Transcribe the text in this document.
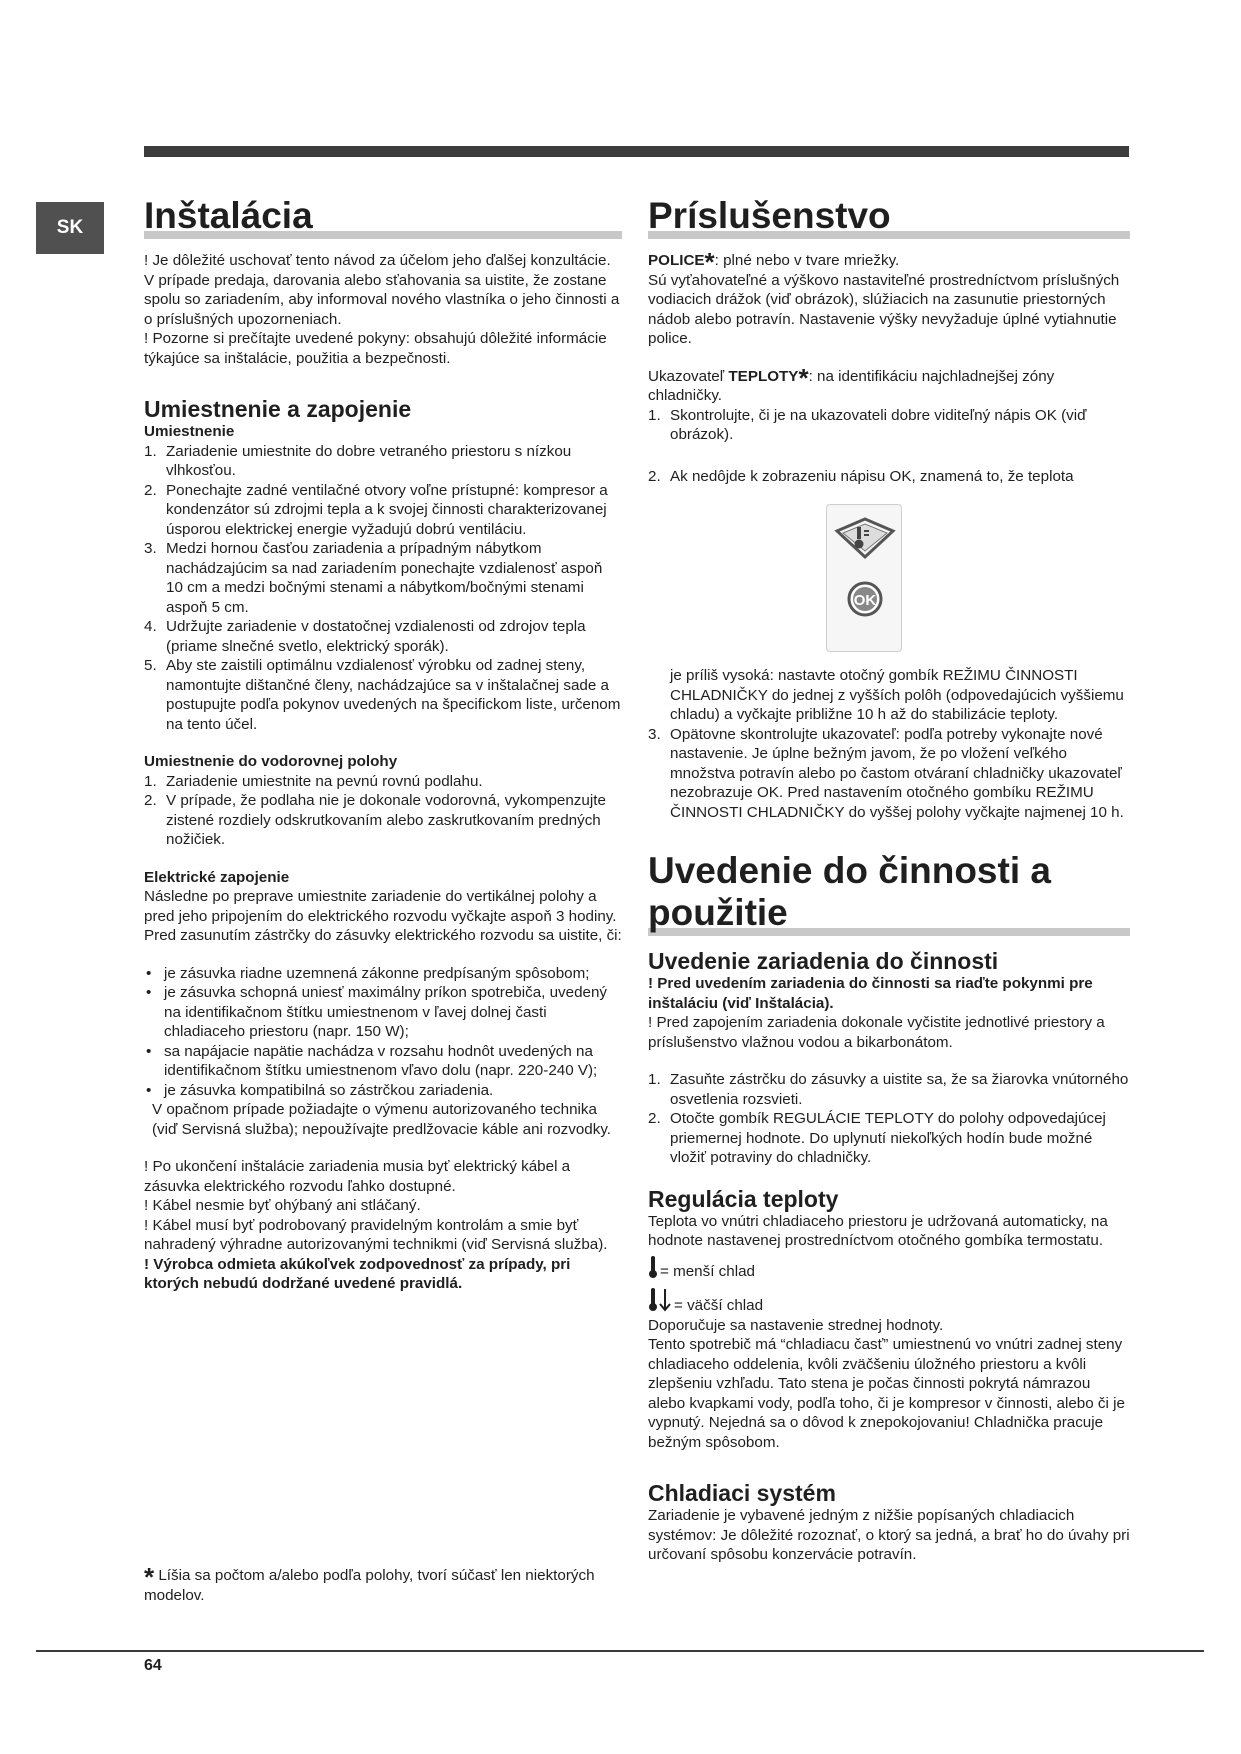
SK	Inštalácia

! Je dôležité uschovať tento návod za účelom jeho ďalšej konzultácie. V prípade predaja, darovania alebo sťahovania sa uistite, že zostane spolu so zariadením, aby informoval nového vlastníka o jeho činnosti a o príslušných upozorneniach.

! Pozorne si prečítajte uvedené pokyny: obsahujú dôležité informácie týkajúce sa inštalácie, použitia a bezpečnosti.

Umiestnenie a zapojenie
Umiestnenie
1. Zariadenie umiestnite do dobre vetraného priestoru s nízkou vlhkosťou.
2. Ponechajte zadné ventilačné otvory voľne prístupné: kompresor a kondenzátor sú zdrojmi tepla a k svojej činnosti charakterizovanej úsporou elektrickej energie vyžadujú dobrú ventiláciu.
3. Medzi hornou časťou zariadenia a prípadným nábytkom nachádzajúcim sa nad zariadením ponechajte vzdialenosť aspoň 10 cm a medzi bočnými stenami a nábytkom/bočnými stenami aspoň 5 cm.
4. Udržujte zariadenie v dostatočnej vzdialenosti od zdrojov tepla (priame slnečné svetlo, elektrický sporák).
5. Aby ste zaistili optimálnu vzdialenosť výrobku od zadnej steny, namontujte dištančné členy, nachádzajúce sa v inštalačnej sade a postupujte podľa pokynov uvedených na špecifickom liste, určenom na tento účel.
Umiestnenie do vodorovnej polohy
1. Zariadenie umiestnite na pevnú rovnú podlahu.
2. V prípade, že podlaha nie je dokonale vodorovná, vykompenzujte zistené rozdiely odskrutkovaním alebo zaskrutkovaním predných nožičiek.
Elektrické zapojenie

Následne po preprave umiestnite zariadenie do vertikálnej polohy a pred jeho pripojením do elektrického rozvodu vyčkajte aspoň 3 hodiny. Pred zasunutím zástrčky do zásuvky elektrického rozvodu sa uistite, či:

• je zásuvka riadne uzemnená zákonne predpísaným spôsobom;
• je zásuvka schopná uniesť maximálny príkon spotrebiča, uvedený na identifikačnom štítku umiestnenom v ľavej dolnej časti chladiaceho priestoru (napr. 150 W);
• sa napájacie napätie nachádza v rozsahu hodnôt uvedených na identifikačnom štítku umiestnenom vľavo dolu (napr. 220-240 V);
• je zásuvka kompatibilná so zástrčkou zariadenia.

V opačnom prípade požiadajte o výmenu autorizovaného technika (viď Servisná služba); nepoužívajte predlžovacie káble ani rozvodky.

! Po ukončení inštalácie zariadenia musia byť elektrický kábel a zásuvka elektrického rozvodu ľahko dostupné.

! Kábel nesmie byť ohýbaný ani stláčaný.

! Kábel musí byť podrobovaný pravidelným kontrolám a smie byť nahradený výhradne autorizovanými technikmi (viď Servisná služba).

! Výrobca odmieta akúkoľvek zodpovednosť za prípady, pri ktorých nebudú dodržané uvedené pravidlá.

Príslušenstvo

POLICE*: plné nebo v tvare mriežky.

Sú vyťahovateľné a výškovo nastaviteľné prostredníctvom príslušných vodiacich drážok (viď obrázok), slúžiacich na zasunutie priestorných nádob alebo potravín. Nastavenie výšky nevyžaduje úplné vytiahnutie police.

Ukazovateľ TEPLOTY*: na identifikáciu najchladnejšej zóny chladničky.

1. Skontrolujte, či je na ukazovateli dobre viditeľný nápis OK (viď obrázok).
2. Ak nedôjde k zobrazeniu nápisu OK, znamená to, že teplota
OK

je príliš vysoká: nastavte otočný gombík REŽIMU ČINNOSTI CHLADNIČKY do jednej z vyšších polôh (odpovedajúcich vyššiemu chladu) a vyčkajte približne 10 h až do stabilizácie teploty.

3. Opätovne skontrolujte ukazovateľ: podľa potreby vykonajte nové nastavenie. Je úplne bežným javom, že po vložení veľkého množstva potravín alebo po častom otváraní chladničky ukazovateľ nezobrazuje OK. Pred nastavením otočného gombíku REŽIMU ČINNOSTI CHLADNIČKY do vyššej polohy vyčkajte najmenej 10 h.
Uvedenie do činnosti a použitie
Uvedenie zariadenia do činnosti

! Pred uvedením zariadenia do činnosti sa riaďte pokynmi pre inštaláciu (viď Inštalácia).

! Pred zapojením zariadenia dokonale vyčistite jednotlivé priestory a príslušenstvo vlažnou vodou a bikarbonátom.

1. Zasuňte zástrčku do zásuvky a uistite sa, že sa žiarovka vnútorného osvetlenia rozsvieti.
2. Otočte gombík REGULÁCIE TEPLOTY do polohy odpovedajúcej priemernej hodnote. Do uplynutí niekoľkých hodín bude možné vložiť potraviny do chladničky.
Regulácia teploty

Teplota vo vnútri chladiaceho priestoru je udržovaná automaticky, na hodnote nastavenej prostredníctvom otočného gombíka termostatu.

= menší chlad

= väčší chlad

Doporučuje sa nastavenie strednej hodnoty.

Tento spotrebič má “chladiacu časť” umiestnenú vo vnútri zadnej steny chladiaceho oddelenia, kvôli zväčšeniu úložného priestoru a kvôli zlepšeniu vzhľadu. Tato stena je počas činnosti pokrytá námrazou alebo kvapkami vody, podľa toho, či je kompresor v činnosti, alebo či je vypnutý. Nejedná sa o dôvod k znepokojovaniu! Chladnička pracuje bežným spôsobom.

Chladiaci systém

Zariadenie je vybavené jedným z nižšie popísaných chladiacich systémov: Je dôležité rozoznať, o ktorý sa jedná, a brať ho do úvahy pri určovaní spôsobu konzervácie potravín.

* Líšia sa počtom a/alebo podľa polohy, tvorí súčasť len niektorých modelov.
64
